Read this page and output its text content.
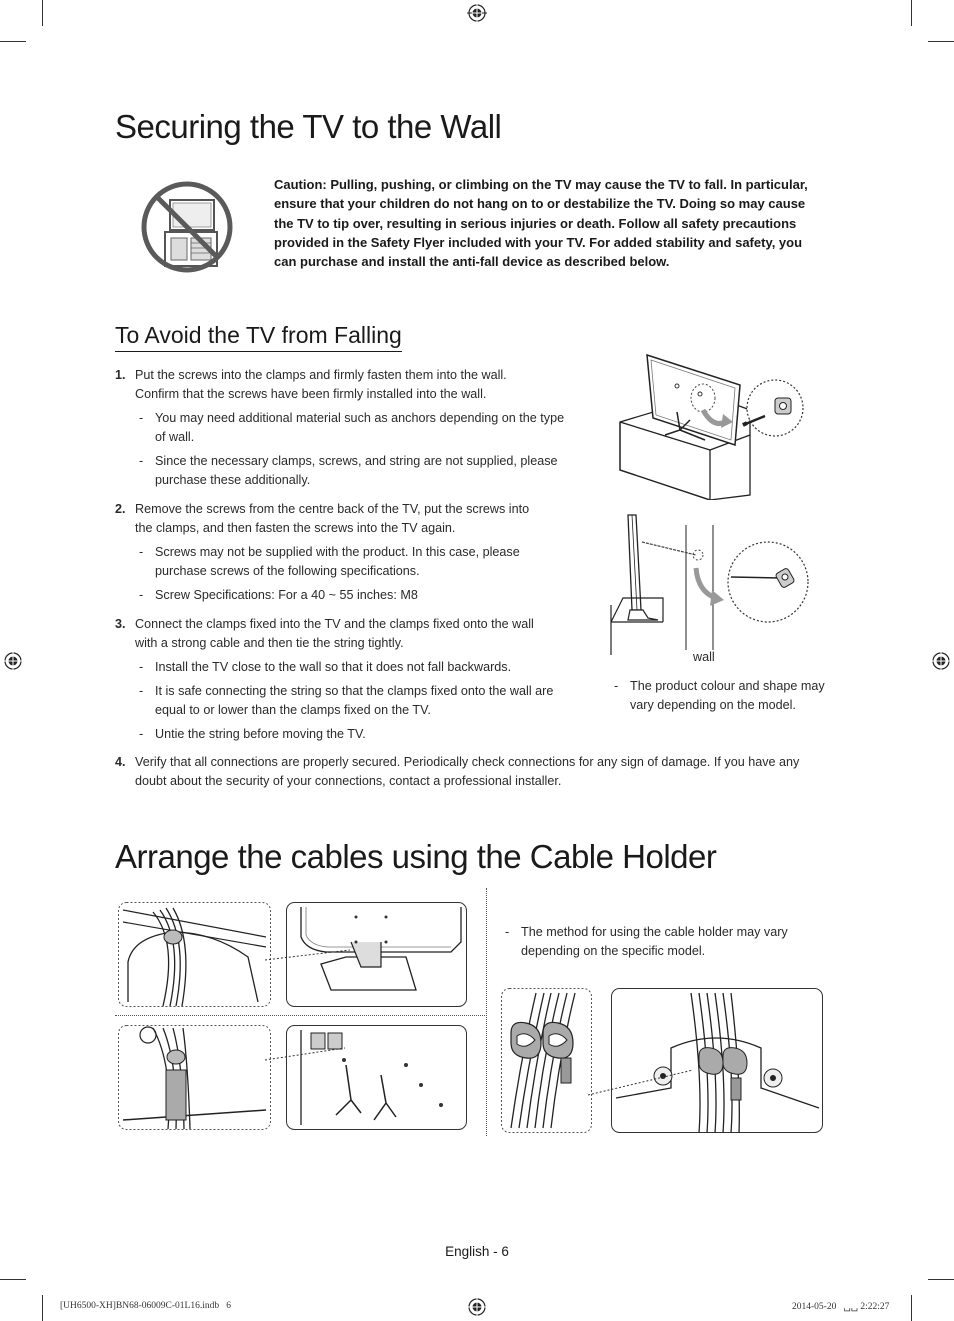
Securing the TV to the Wall
Caution: Pulling, pushing, or climbing on the TV may cause the TV to fall. In particular, ensure that your children do not hang on to or destabilize the TV. Doing so may cause the TV to tip over, resulting in serious injuries or death. Follow all safety precautions provided in the Safety Flyer included with your TV. For added stability and safety, you can purchase and install the anti-fall device as described below.
To Avoid the TV from Falling
1. Put the screws into the clamps and firmly fasten them into the wall. Confirm that the screws have been firmly installed into the wall.
- You may need additional material such as anchors depending on the type of wall.
- Since the necessary clamps, screws, and string are not supplied, please purchase these additionally.
2. Remove the screws from the centre back of the TV, put the screws into the clamps, and then fasten the screws into the TV again.
- Screws may not be supplied with the product. In this case, please purchase screws of the following specifications.
- Screw Specifications: For a 40 ~ 55 inches: M8
3. Connect the clamps fixed into the TV and the clamps fixed onto the wall with a strong cable and then tie the string tightly.
- Install the TV close to the wall so that it does not fall backwards.
- It is safe connecting the string so that the clamps fixed onto the wall are equal to or lower than the clamps fixed on the TV.
- Untie the string before moving the TV.
4. Verify that all connections are properly secured. Periodically check connections for any sign of damage. If you have any doubt about the security of your connections, contact a professional installer.
wall
- The product colour and shape may vary depending on the model.
Arrange the cables using the Cable Holder
- The method for using the cable holder may vary depending on the specific model.
English - 6
[UH6500-XH]BN68-06009C-01L16.indb   6	2014-05-20   ␣␣ 2:22:27
